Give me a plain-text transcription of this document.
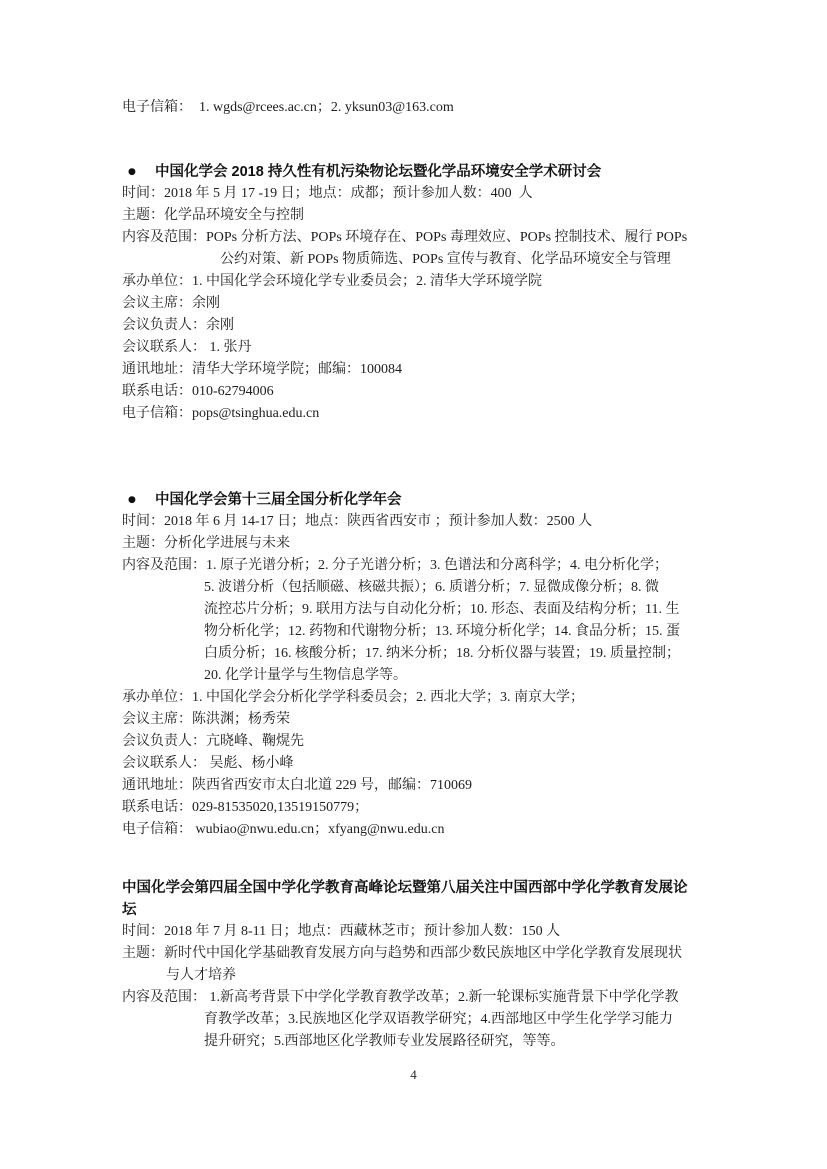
电子信箱：  1. wgds@rcees.ac.cn；2. yksun03@163.com
● 中国化学会 2018 持久性有机污染物论坛暨化学品环境安全学术研讨会
时间：2018 年 5 月 17 -19 日；地点：成都；预计参加人数：400  人
主题：化学品环境安全与控制
内容及范围：POPs 分析方法、POPs 环境存在、POPs 毒理效应、POPs 控制技术、履行 POPs
公约对策、新 POPs 物质筛选、POPs 宣传与教育、化学品环境安全与管理
承办单位：1. 中国化学会环境化学专业委员会；2. 清华大学环境学院
会议主席：余刚
会议负责人：余刚
会议联系人： 1. 张丹
通讯地址：清华大学环境学院；邮编：100084
联系电话：010-62794006
电子信箱：pops@tsinghua.edu.cn
● 中国化学会第十三届全国分析化学年会
时间：2018 年 6 月 14-17 日；地点：陕西省西安市 ；预计参加人数：2500 人
主题：分析化学进展与未来
内容及范围：1. 原子光谱分析；2. 分子光谱分析；3. 色谱法和分离科学；4. 电分析化学；
5. 波谱分析（包括顺磁、核磁共振）；6. 质谱分析；7. 显微成像分析；8. 微
流控芯片分析；9. 联用方法与自动化分析；10. 形态、表面及结构分析；11. 生
物分析化学；12. 药物和代谢物分析；13. 环境分析化学；14. 食品分析；15. 蛋
白质分析；16. 核酸分析；17. 纳米分析；18. 分析仪器与装置；19. 质量控制；
20. 化学计量学与生物信息学等。
承办单位：1. 中国化学会分析化学学科委员会；2. 西北大学；3. 南京大学；
会议主席：陈洪渊；杨秀荣
会议负责人：亢晓峰、鞠熀先
会议联系人： 吴彪、杨小峰
通讯地址：陕西省西安市太白北道 229 号，邮编：710069
联系电话：029-81535020,13519150779；
电子信箱： wubiao@nwu.edu.cn；xfyang@nwu.edu.cn
中国化学会第四届全国中学化学教育高峰论坛暨第八届关注中国西部中学化学教育发展论
坛
时间：2018 年 7 月 8-11 日；地点：西藏林芝市；预计参加人数：150 人
主题：新时代中国化学基础教育发展方向与趋势和西部少数民族地区中学化学教育发展现状
与人才培养
内容及范围： 1.新高考背景下中学化学教育教学改革；2.新一轮课标实施背景下中学化学教
育教学改革；3.民族地区化学双语教学研究；4.西部地区中学生化学学习能力
提升研究；5.西部地区化学教师专业发展路径研究，等等。
4
